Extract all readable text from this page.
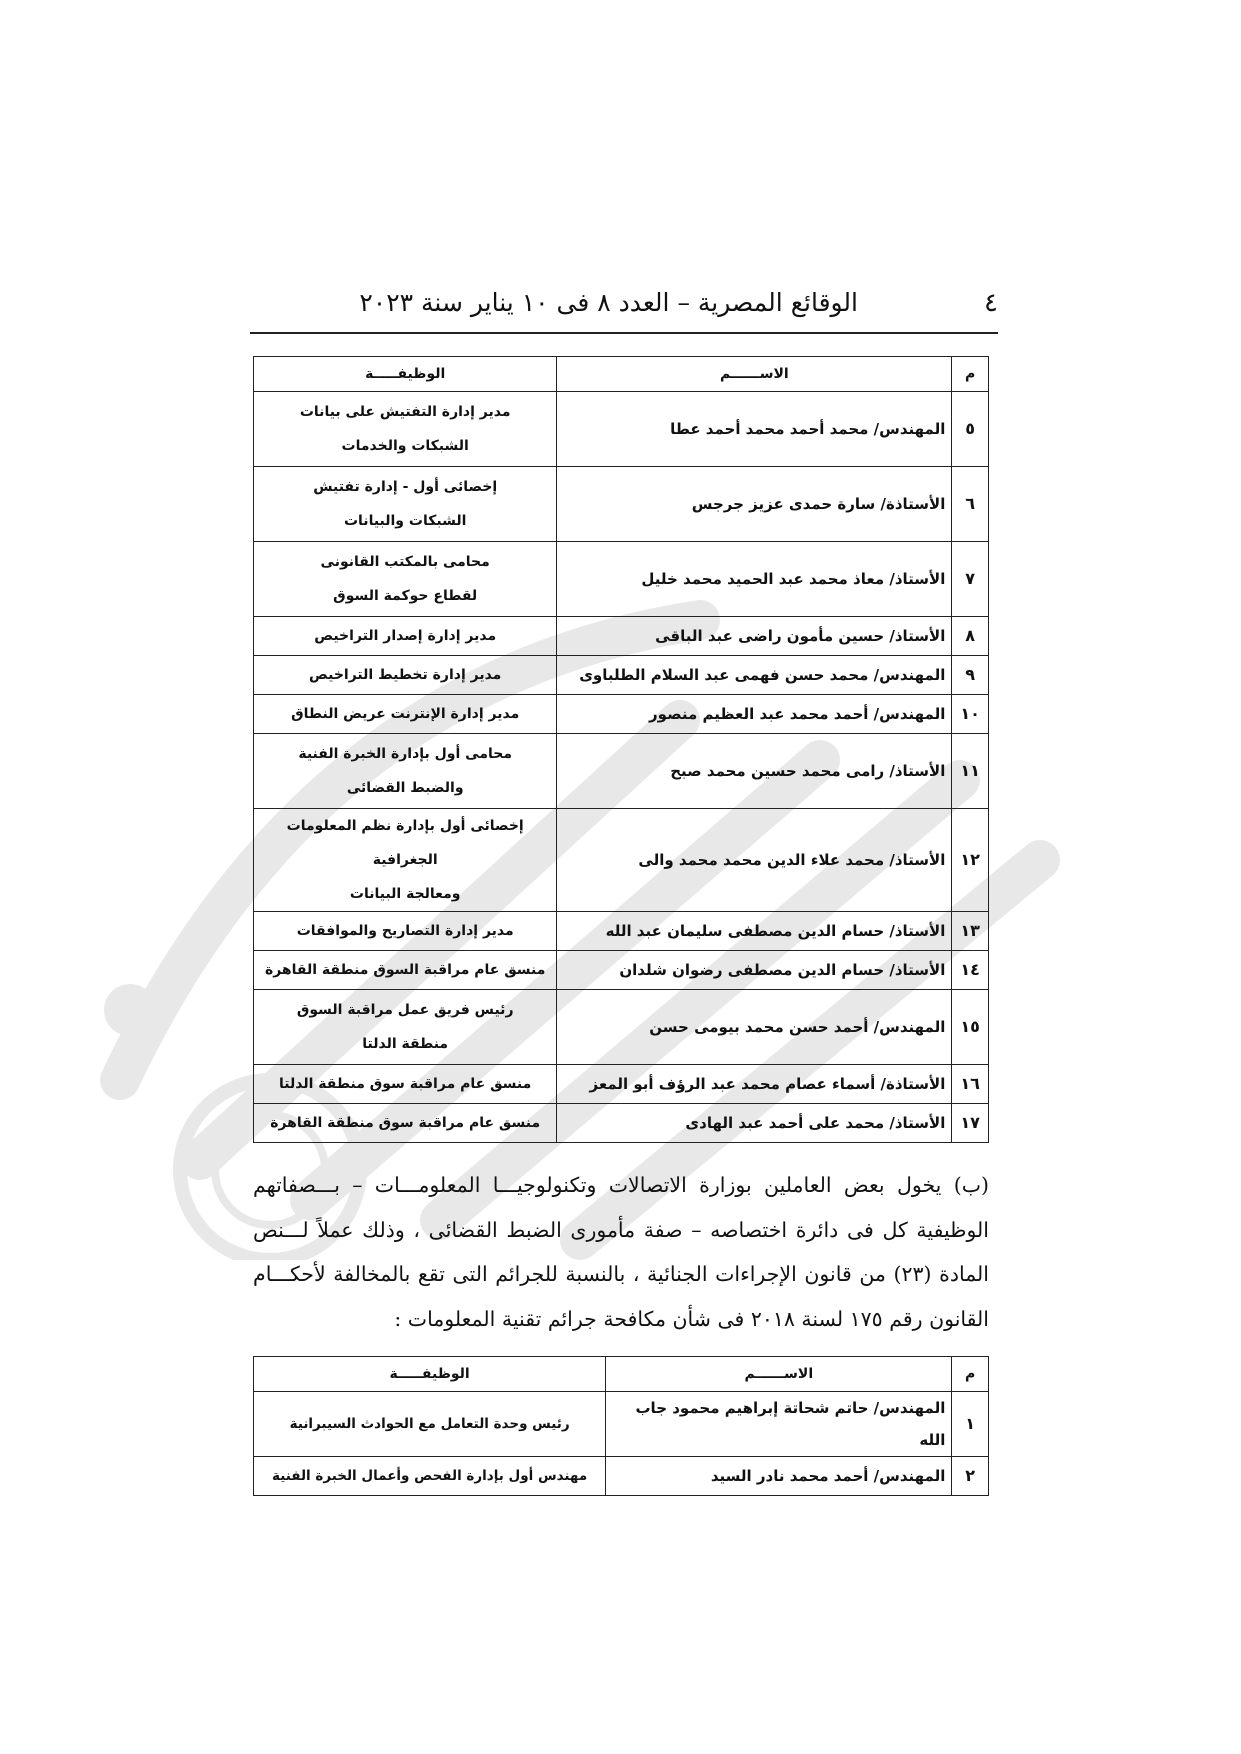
٤
الوقائع المصرية – العدد ٨ فى ١٠ يناير سنة ٢٠٢٣
م	الاســــــم	الوظيفـــــة
٥	المهندس/ محمد أحمد محمد أحمد عطا	مدير إدارة التفتيش على بيانات
الشبكات والخدمات
٦	الأستاذة/ سارة حمدى عزيز جرجس	إخصائى أول - إدارة تفتيش
الشبكات والبيانات
٧	الأستاذ/ معاذ محمد عبد الحميد محمد خليل	محامى بالمكتب القانونى
لقطاع حوكمة السوق
٨	الأستاذ/ حسين مأمون راضى عبد الباقى	مدير إدارة إصدار التراخيص
٩	المهندس/ محمد حسن فهمى عبد السلام الطلباوى	مدير إدارة تخطيط التراخيص
١٠	المهندس/ أحمد محمد عبد العظيم منصور	مدير إدارة الإنترنت عريض النطاق
١١	الأستاذ/ رامى محمد حسين محمد صبح	محامى أول بإدارة الخبرة الفنية
والضبط القضائى
١٢	الأستاذ/ محمد علاء الدين محمد محمد والى	إخصائى أول بإدارة نظم المعلومات الجغرافية
ومعالجة البيانات
١٣	الأستاذ/ حسام الدين مصطفى سليمان عبد الله	مدير إدارة التصاريح والموافقات
١٤	الأستاذ/ حسام الدين مصطفى رضوان شلدان	منسق عام مراقبة السوق منطقة القاهرة
١٥	المهندس/ أحمد حسن محمد بيومى حسن	رئيس فريق عمل مراقبة السوق
منطقة الدلتا
١٦	الأستاذة/ أسماء عصام محمد عبد الرؤف أبو المعز	منسق عام مراقبة سوق منطقة الدلتا
١٧	الأستاذ/ محمد على أحمد عبد الهادى	منسق عام مراقبة سوق منطقة القاهرة
(ب) يخول بعض العاملين بوزارة الاتصالات وتكنولوجيـــا المعلومـــات – بـــصفاتهم الوظيفية كل فى دائرة اختصاصه – صفة مأمورى الضبط القضائى ، وذلك عملاً لـــنص المادة (٢٣) من قانون الإجراءات الجنائية ، بالنسبة للجرائم التى تقع بالمخالفة لأحكـــام القانون رقم ١٧٥ لسنة ٢٠١٨ فى شأن مكافحة جرائم تقنية المعلومات :
م	الاســــــم	الوظيفـــــة
١	المهندس/ حاتم شحاتة إبراهيم محمود جاب الله	رئيس وحدة التعامل مع الحوادث السيبرانية
٢	المهندس/ أحمد محمد نادر السيد	مهندس أول بإدارة الفحص وأعمال الخبرة الفنية
